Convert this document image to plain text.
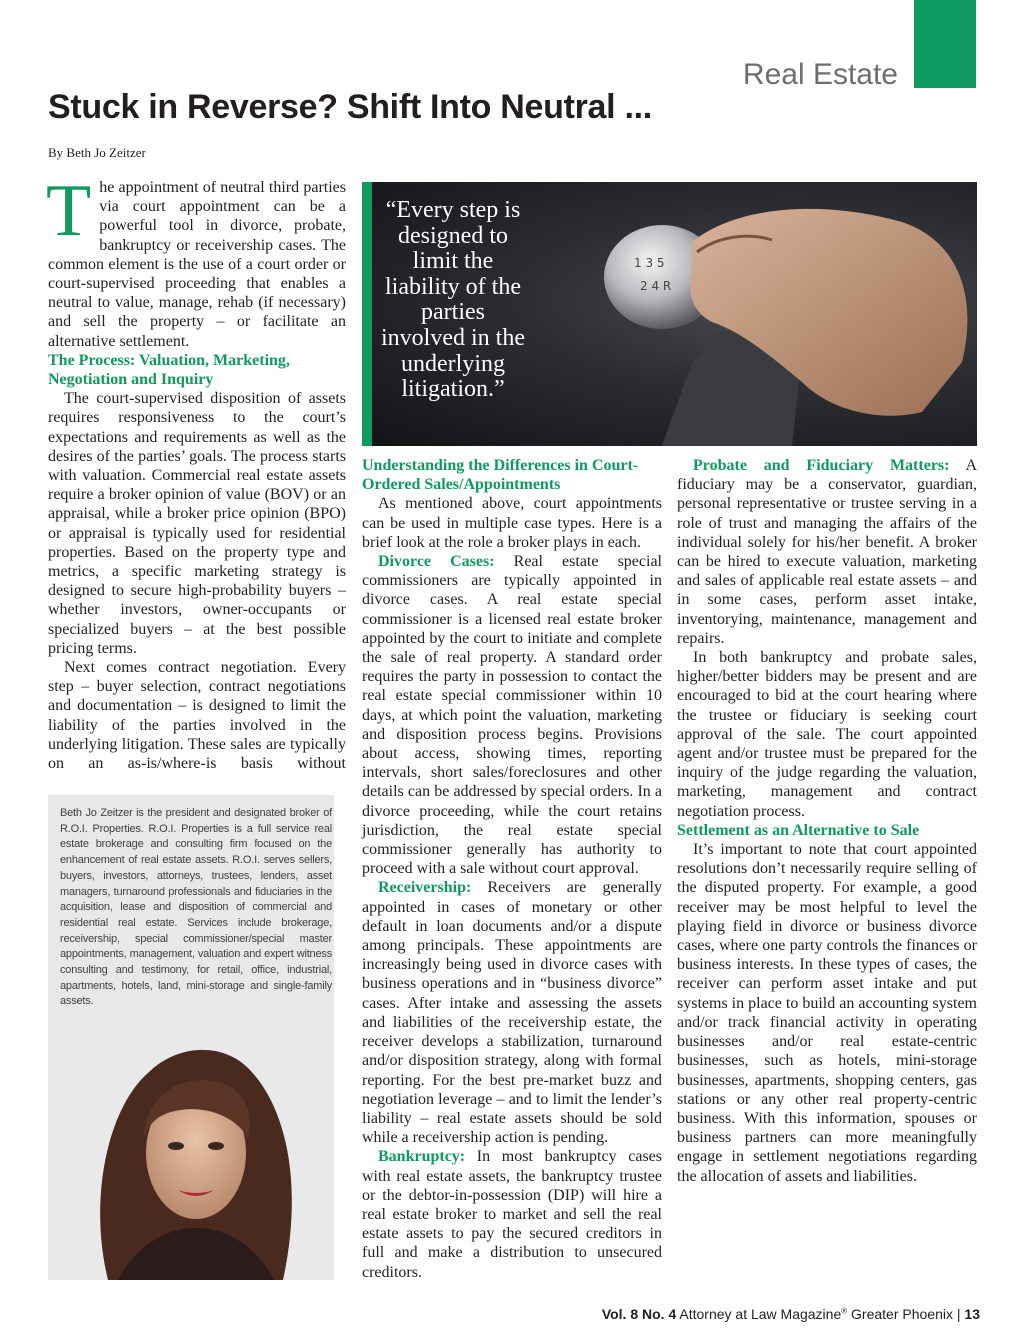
Real Estate
Stuck in Reverse? Shift Into Neutral ...
By Beth Jo Zeitzer

The appointment of neutral third parties via court appointment can be a powerful tool in divorce, probate, bankruptcy or receivership cases. The common element is the use of a court order or court-supervised proceeding that enables a neutral to value, manage, rehab (if necessary) and sell the property – or facilitate an alternative settlement.

The Process: Valuation, Marketing, Negotiation and Inquiry

The court-supervised disposition of assets requires responsiveness to the court’s expectations and requirements as well as the desires of the parties’ goals. The process starts with valuation. Commercial real estate assets require a broker opinion of value (BOV) or an appraisal, while a broker price opinion (BPO) or appraisal is typically used for residential properties. Based on the property type and metrics, a specific marketing strategy is designed to secure high-probability buyers – whether investors, owner-occupants or specialized buyers – at the best possible pricing terms.

Next comes contract negotiation. Every step – buyer selection, contract negotiations and documentation – is designed to limit the liability of the parties involved in the underlying litigation. These sales are typically on an as-is/where-is basis without

1 3 5
2 4 R
“Every step is designed to limit the liability of the parties involved in the underlying litigation.”

Understanding the Differences in Court-Ordered Sales/Appointments

As mentioned above, court appointments can be used in multiple case types. Here is a brief look at the role a broker plays in each.

Divorce Cases: Real estate special commissioners are typically appointed in divorce cases. A real estate special commissioner is a licensed real estate broker appointed by the court to initiate and complete the sale of real property. A standard order requires the party in possession to contact the real estate special commissioner within 10 days, at which point the valuation, marketing and disposition process begins. Provisions about access, showing times, reporting intervals, short sales/foreclosures and other details can be addressed by special orders. In a divorce proceeding, while the court retains jurisdiction, the real estate special commissioner generally has authority to proceed with a sale without court approval.

Receivership: Receivers are generally appointed in cases of monetary or other default in loan documents and/or a dispute among principals. These appointments are increasingly being used in divorce cases with business operations and in “business divorce” cases. After intake and assessing the assets and liabilities of the receivership estate, the receiver develops a stabilization, turnaround and/or disposition strategy, along with formal reporting. For the best pre-market buzz and negotiation leverage – and to limit the lender’s liability – real estate assets should be sold while a receivership action is pending.

Bankruptcy: In most bankruptcy cases with real estate assets, the bankruptcy trustee or the debtor-in-possession (DIP) will hire a real estate broker to market and sell the real estate assets to pay the secured creditors in full and make a distribution to unsecured creditors.

Probate and Fiduciary Matters: A fiduciary may be a conservator, guardian, personal representative or trustee serving in a role of trust and managing the affairs of the individual solely for his/her benefit. A broker can be hired to execute valuation, marketing and sales of applicable real estate assets – and in some cases, perform asset intake, inventorying, maintenance, management and repairs.

In both bankruptcy and probate sales, higher/better bidders may be present and are encouraged to bid at the court hearing where the trustee or fiduciary is seeking court approval of the sale. The court appointed agent and/or trustee must be prepared for the inquiry of the judge regarding the valuation, marketing, management and contract negotiation process.

Settlement as an Alternative to Sale

It’s important to note that court appointed resolutions don’t necessarily require selling of the disputed property. For example, a good receiver may be most helpful to level the playing field in divorce or business divorce cases, where one party controls the finances or business interests. In these types of cases, the receiver can perform asset intake and put systems in place to build an accounting system and/or track financial activity in operating businesses and/or real estate-centric businesses, such as hotels, mini-storage businesses, apartments, shopping centers, gas stations or any other real property-centric business. With this information, spouses or business partners can more meaningfully engage in settlement negotiations regarding the allocation of assets and liabilities.

Beth Jo Zeitzer is the president and designated broker of R.O.I. Properties. R.O.I. Properties is a full service real estate brokerage and consulting firm focused on the enhancement of real estate assets. R.O.I. serves sellers, buyers, investors, attorneys, trustees, lenders, asset managers, turnaround professionals and fiduciaries in the acquisition, lease and disposition of commercial and residential real estate. Services include brokerage, receivership, special commissioner/special master appointments, management, valuation and expert witness consulting and testimony, for retail, office, industrial, apartments, hotels, land, mini-storage and single-family assets.
Vol. 8 No. 4 Attorney at Law Magazine® Greater Phoenix | 13
